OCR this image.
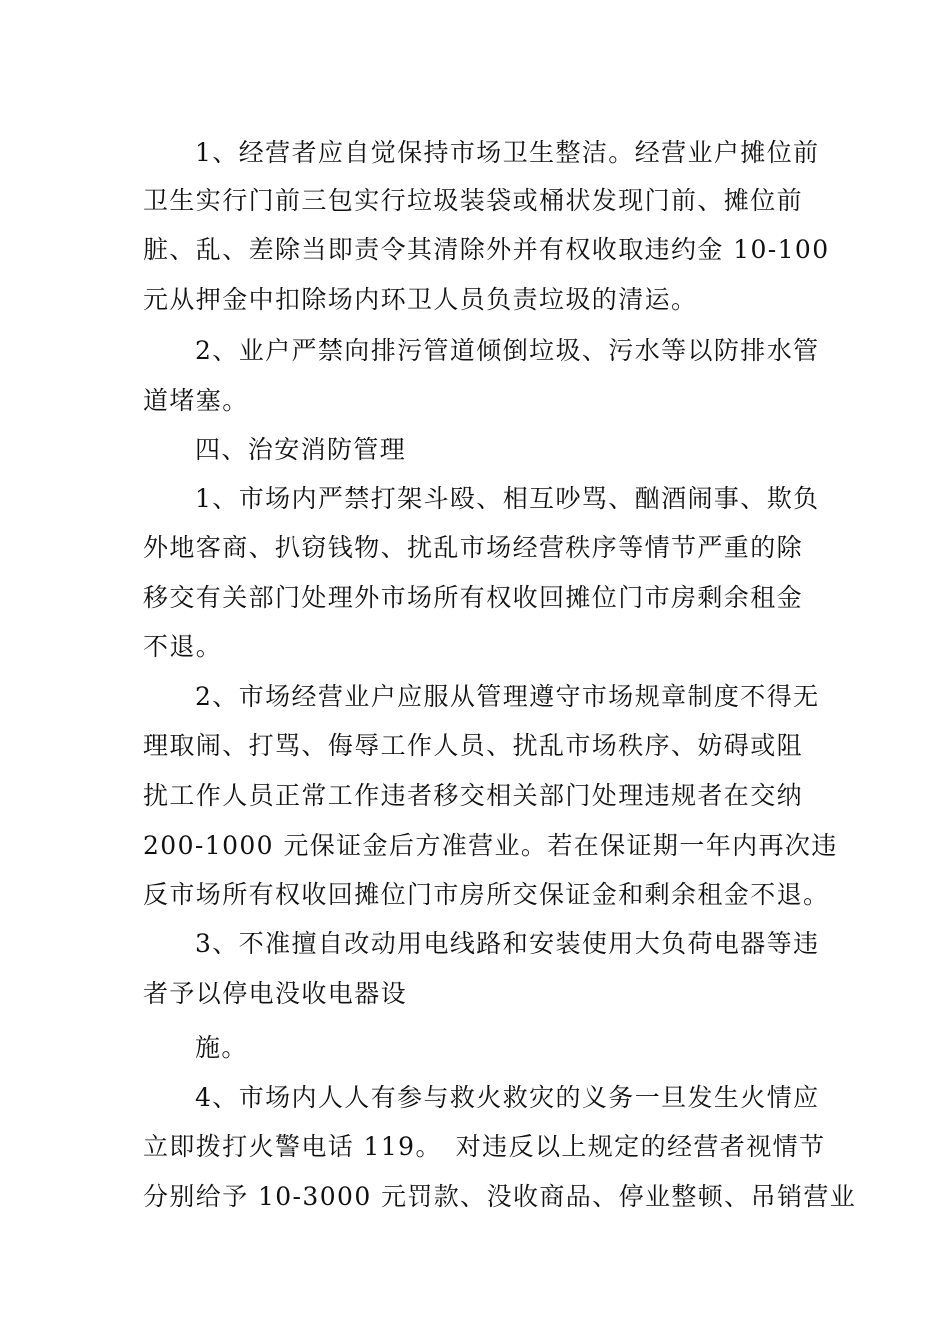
1、经营者应自觉保持市场卫生整洁。经营业户摊位前
卫生实行门前三包实行垃圾装袋或桶状发现门前、摊位前
脏、乱、差除当即责令其清除外并有权收取违约金 10-100
元从押金中扣除场内环卫人员负责垃圾的清运。
2、业户严禁向排污管道倾倒垃圾、污水等以防排水管
道堵塞。
四、治安消防管理
1、市场内严禁打架斗殴、相互吵骂、酗酒闹事、欺负
外地客商、扒窃钱物、扰乱市场经营秩序等情节严重的除
移交有关部门处理外市场所有权收回摊位门市房剩余租金
不退。
2、市场经营业户应服从管理遵守市场规章制度不得无
理取闹、打骂、侮辱工作人员、扰乱市场秩序、妨碍或阻
扰工作人员正常工作违者移交相关部门处理违规者在交纳
200-1000 元保证金后方准营业。若在保证期一年内再次违
反市场所有权收回摊位门市房所交保证金和剩余租金不退。
3、不准擅自改动用电线路和安装使用大负荷电器等违
者予以停电没收电器设
施。
4、市场内人人有参与救火救灾的义务一旦发生火情应
立即拨打火警电话 119。　对违反以上规定的经营者视情节
分别给予 10-3000 元罚款、没收商品、停业整顿、吊销营业
